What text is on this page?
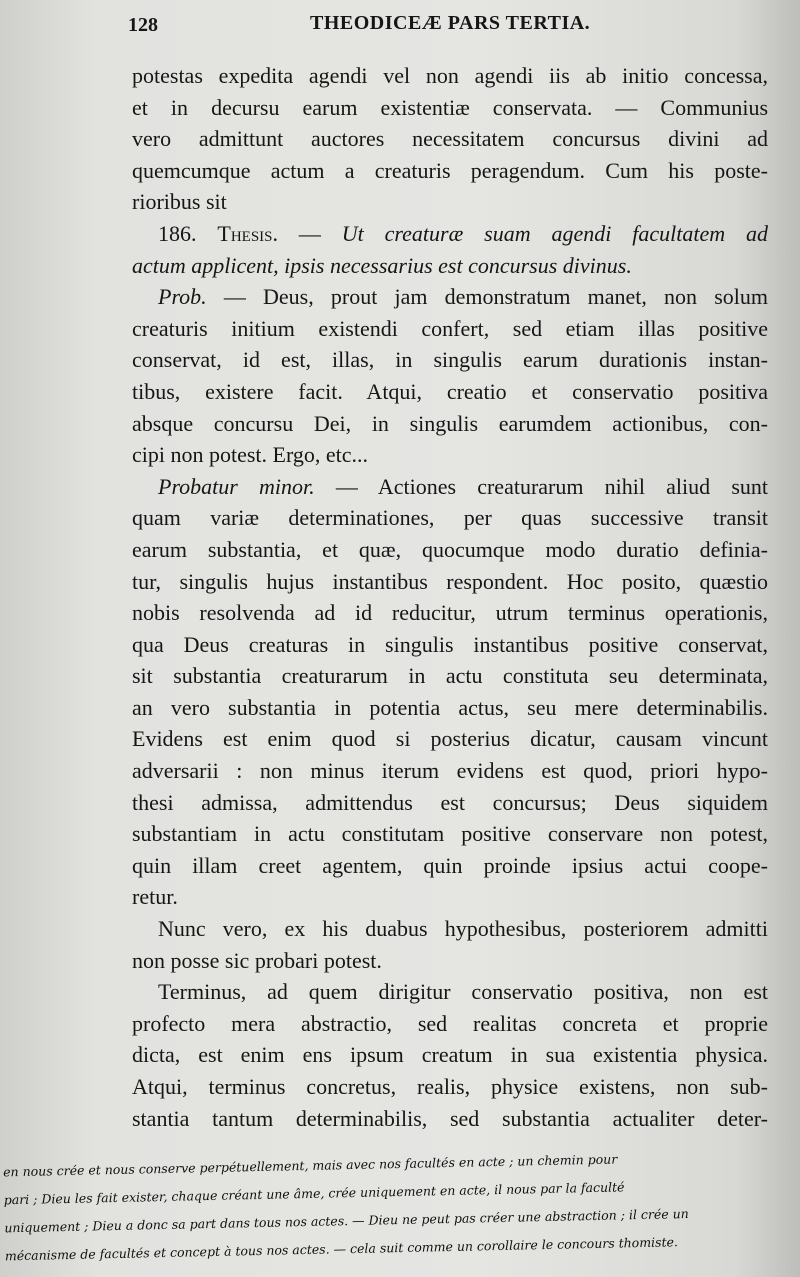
128	THEODICEÆ PARS TERTIA.
potestas expedita agendi vel non agendi iis ab initio concessa,
et in decursu earum existentiæ conservata. — Communius
vero admittunt auctores necessitatem concursus divini ad
quemcumque actum a creaturis peragendum. Cum his poste-
rioribus sit
186. Thesis. — Ut creaturæ suam agendi facultatem ad
actum applicent, ipsis necessarius est concursus divinus.
Prob. — Deus, prout jam demonstratum manet, non solum
creaturis initium existendi confert, sed etiam illas positive
conservat, id est, illas, in singulis earum durationis instan-
tibus, existere facit. Atqui, creatio et conservatio positiva
absque concursu Dei, in singulis earumdem actionibus, con-
cipi non potest. Ergo, etc...
Probatur minor. — Actiones creaturarum nihil aliud sunt
quam variæ determinationes, per quas successive transit
earum substantia, et quæ, quocumque modo duratio definia-
tur, singulis hujus instantibus respondent. Hoc posito, quæstio
nobis resolvenda ad id reducitur, utrum terminus operationis,
qua Deus creaturas in singulis instantibus positive conservat,
sit substantia creaturarum in actu constituta seu determinata,
an vero substantia in potentia actus, seu mere determinabilis.
Evidens est enim quod si posterius dicatur, causam vincunt
adversarii : non minus iterum evidens est quod, priori hypo-
thesi admissa, admittendus est concursus; Deus siquidem
substantiam in actu constitutam positive conservare non potest,
quin illam creet agentem, quin proinde ipsius actui coope-
retur.
Nunc vero, ex his duabus hypothesibus, posteriorem admitti
non posse sic probari potest.
Terminus, ad quem dirigitur conservatio positiva, non est
profecto mera abstractio, sed realitas concreta et proprie
dicta, est enim ens ipsum creatum in sua existentia physica.
Atqui, terminus concretus, realis, physice existens, non sub-
stantia tantum determinabilis, sed substantia actualiter deter-
en nous crée et nous conserve perpétuellement, mais avec nos facultés en acte ; un chemin pour
pari ; Dieu les fait exister, chaque créant une âme, crée uniquement en acte, il nous par la faculté
uniquement ; Dieu a donc sa part dans tous nos actes. — Dieu ne peut pas créer une abstraction ; il crée un
mécanisme de facultés et concept à tous nos actes. — cela suit comme un corollaire le concours thomiste.
